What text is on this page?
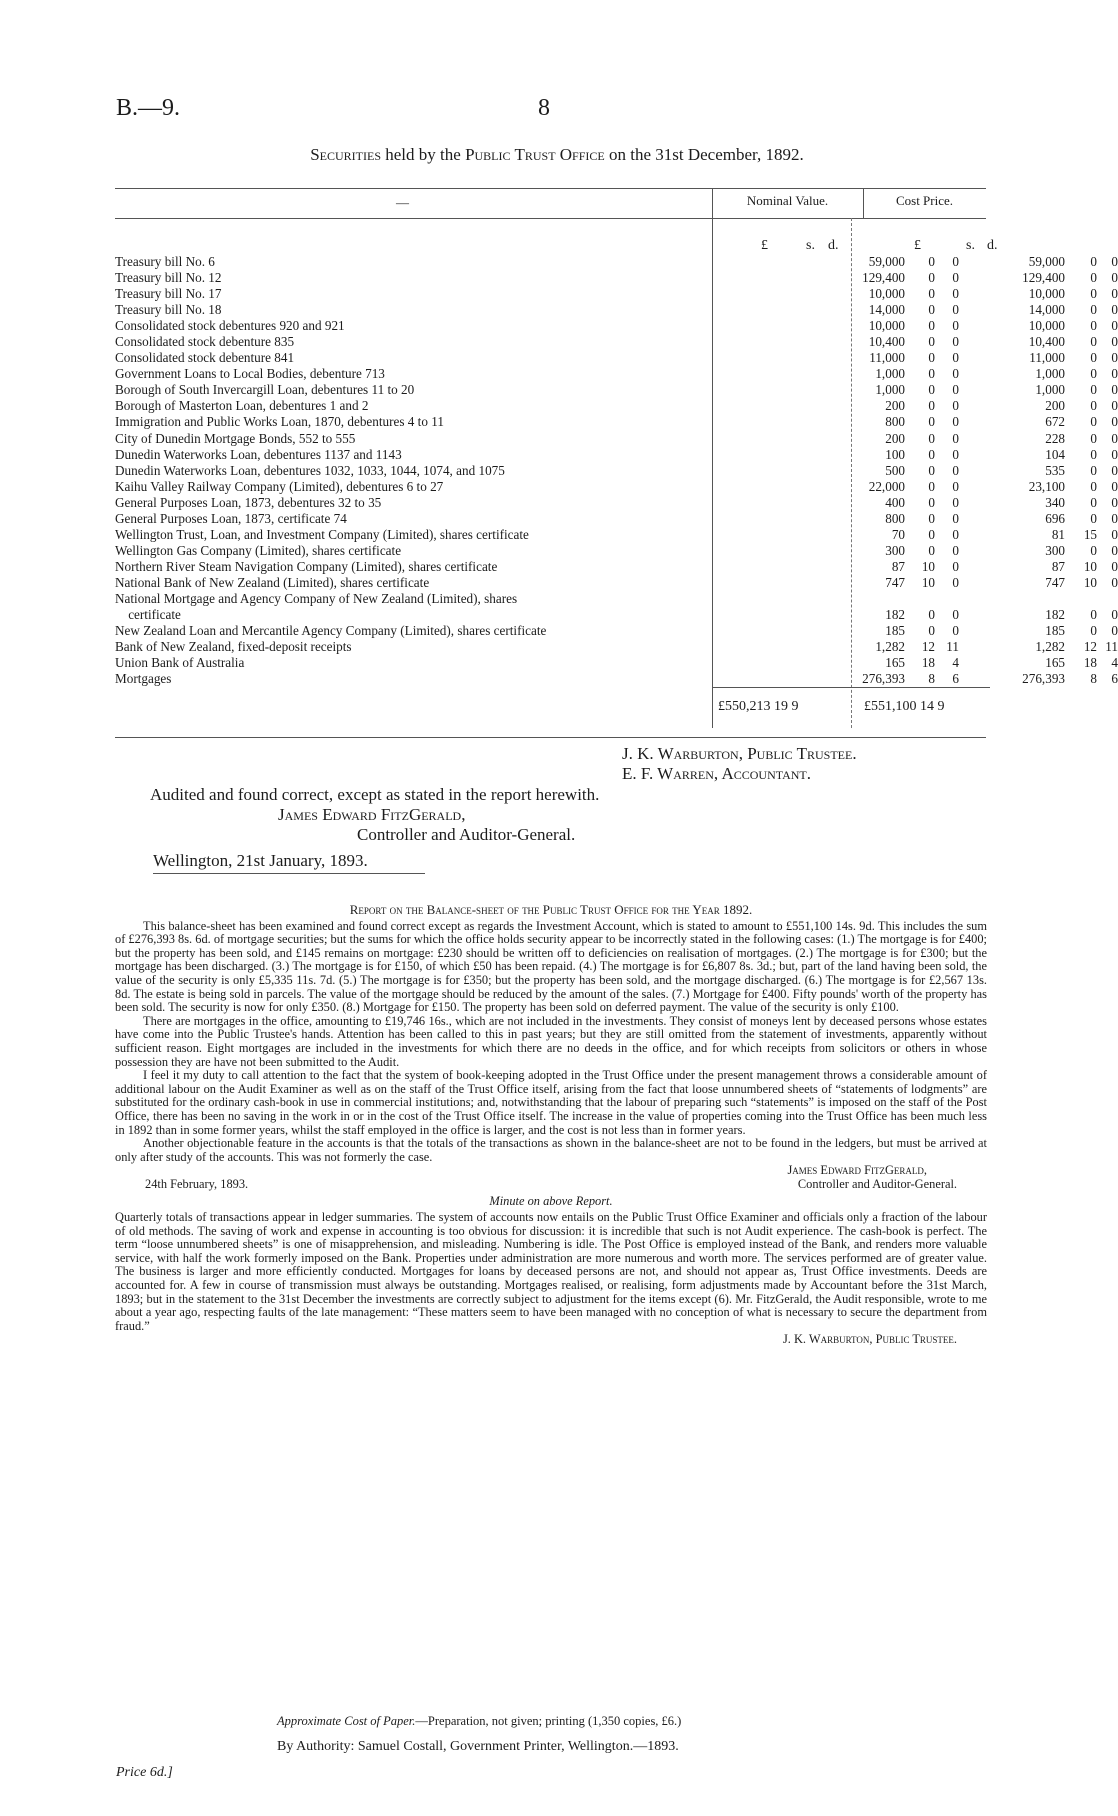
B.—9.	8
Securities held by the Public Trust Office on the 31st December, 1892.
—	Nominal Value.	Cost Price.
£	s. d.	£	s. d.
Treasury bill No. 6	59,000	0	0	59,000	0	0
Treasury bill No. 12	129,400	0	0	129,400	0	0
Treasury bill No. 17	10,000	0	0	10,000	0	0
Treasury bill No. 18	14,000	0	0	14,000	0	0
Consolidated stock debentures 920 and 921	10,000	0	0	10,000	0	0
Consolidated stock debenture 835	10,400	0	0	10,400	0	0
Consolidated stock debenture 841	11,000	0	0	11,000	0	0
Government Loans to Local Bodies, debenture 713	1,000	0	0	1,000	0	0
Borough of South Invercargill Loan, debentures 11 to 20	1,000	0	0	1,000	0	0
Borough of Masterton Loan, debentures 1 and 2	200	0	0	200	0	0
Immigration and Public Works Loan, 1870, debentures 4 to 11	800	0	0	672	0	0
City of Dunedin Mortgage Bonds, 552 to 555	200	0	0	228	0	0
Dunedin Waterworks Loan, debentures 1137 and 1143	100	0	0	104	0	0
Dunedin Waterworks Loan, debentures 1032, 1033, 1044, 1074, and 1075	500	0	0	535	0	0
Kaihu Valley Railway Company (Limited), debentures 6 to 27	22,000	0	0	23,100	0	0
General Purposes Loan, 1873, debentures 32 to 35	400	0	0	340	0	0
General Purposes Loan, 1873, certificate 74	800	0	0	696	0	0
Wellington Trust, Loan, and Investment Company (Limited), shares certificate	70	0	0	81	15	0
Wellington Gas Company (Limited), shares certificate	300	0	0	300	0	0
Northern River Steam Navigation Company (Limited), shares certificate	87	10	0	87	10	0
National Bank of New Zealand (Limited), shares certificate	747	10	0	747	10	0
National Mortgage and Agency Company of New Zealand (Limited), shares
certificate	182	0	0	182	0	0
New Zealand Loan and Mercantile Agency Company (Limited), shares certificate	185	0	0	185	0	0
Bank of New Zealand, fixed-deposit receipts	1,282	12 11	1,282	12 11
Union Bank of Australia	165	18	4	165	18	4
Mortgages	276,393	8	6	276,393	8	6
£550,213 19 9	£551,100 14 9
J. K. Warburton, Public Trustee.
E. F. Warren, Accountant.
Audited and found correct, except as stated in the report herewith.
James Edward FitzGerald,
Controller and Auditor-General.
Wellington, 21st January, 1893.
Report on the Balance-sheet of the Public Trust Office for the Year 1892.

This balance-sheet has been examined and found correct except as regards the Investment Account, which is stated to amount to £551,100 14s. 9d. This includes the sum of £276,393 8s. 6d. of mortgage securities; but the sums for which the office holds security appear to be incorrectly stated in the following cases: (1.) The mortgage is for £400; but the property has been sold, and £145 remains on mortgage: £230 should be written off to deficiencies on realisation of mortgages. (2.) The mortgage is for £300; but the mortgage has been discharged. (3.) The mortgage is for £150, of which £50 has been repaid. (4.) The mortgage is for £6,807 8s. 3d.; but, part of the land having been sold, the value of the security is only £5,335 11s. 7d. (5.) The mortgage is for £350; but the property has been sold, and the mortgage discharged. (6.) The mortgage is for £2,567 13s. 8d. The estate is being sold in parcels. The value of the mortgage should be reduced by the amount of the sales. (7.) Mortgage for £400. Fifty pounds' worth of the property has been sold. The security is now for only £350. (8.) Mortgage for £150. The property has been sold on deferred payment. The value of the security is only £100.

There are mortgages in the office, amounting to £19,746 16s., which are not included in the investments. They consist of moneys lent by deceased persons whose estates have come into the Public Trustee's hands. Attention has been called to this in past years; but they are still omitted from the statement of investments, apparently without sufficient reason. Eight mortgages are included in the investments for which there are no deeds in the office, and for which receipts from solicitors or others in whose possession they are have not been submitted to the Audit.

I feel it my duty to call attention to the fact that the system of book-keeping adopted in the Trust Office under the present management throws a considerable amount of additional labour on the Audit Examiner as well as on the staff of the Trust Office itself, arising from the fact that loose unnumbered sheets of “statements of lodgments” are substituted for the ordinary cash-book in use in commercial institutions; and, notwithstanding that the labour of preparing such “statements” is imposed on the staff of the Post Office, there has been no saving in the work in or in the cost of the Trust Office itself. The increase in the value of properties coming into the Trust Office has been much less in 1892 than in some former years, whilst the staff employed in the office is larger, and the cost is not less than in former years.

Another objectionable feature in the accounts is that the totals of the transactions as shown in the balance-sheet are not to be found in the ledgers, but must be arrived at only after study of the accounts. This was not formerly the case.

James Edward FitzGerald,
24th February, 1893.	Controller and Auditor-General.
Minute on above Report.

Quarterly totals of transactions appear in ledger summaries. The system of accounts now entails on the Public Trust Office Examiner and officials only a fraction of the labour of old methods. The saving of work and expense in accounting is too obvious for discussion: it is incredible that such is not Audit experience. The cash-book is perfect. The term “loose unnumbered sheets” is one of misapprehension, and misleading. Numbering is idle. The Post Office is employed instead of the Bank, and renders more valuable service, with half the work formerly imposed on the Bank. Properties under administration are more numerous and worth more. The services performed are of greater value. The business is larger and more efficiently conducted. Mortgages for loans by deceased persons are not, and should not appear as, Trust Office investments. Deeds are accounted for. A few in course of transmission must always be outstanding. Mortgages realised, or realising, form adjustments made by Accountant before the 31st March, 1893; but in the statement to the 31st December the investments are correctly subject to adjustment for the items except (6). Mr. FitzGerald, the Audit responsible, wrote to me about a year ago, respecting faults of the late management: “These matters seem to have been managed with no conception of what is necessary to secure the department from fraud.”

J. K. Warburton, Public Trustee.
Approximate Cost of Paper.—Preparation, not given; printing (1,350 copies, £6.)
By Authority: Samuel Costall, Government Printer, Wellington.—1893.
Price 6d.]
